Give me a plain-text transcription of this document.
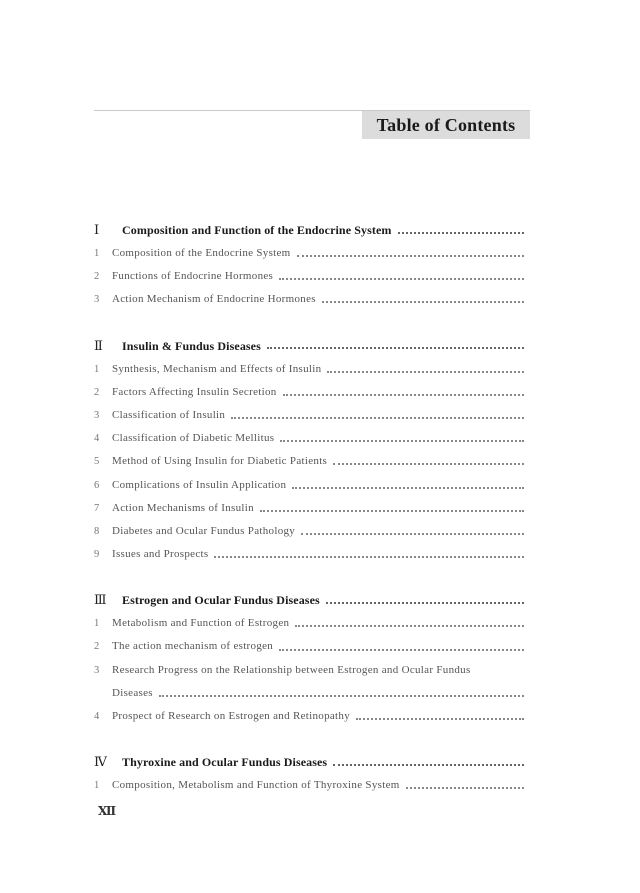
Table of Contents
Ⅰ	Composition and Function of the Endocrine System
1	Composition of the Endocrine System
2	Functions of Endocrine Hormones
3	Action Mechanism of Endocrine Hormones
Ⅱ	Insulin & Fundus Diseases
1	Synthesis, Mechanism and Effects of Insulin
2	Factors Affecting Insulin Secretion
3	Classification of Insulin
4	Classification of Diabetic Mellitus
5	Method of Using Insulin for Diabetic Patients
6	Complications of Insulin Application
7	Action Mechanisms of Insulin
8	Diabetes and Ocular Fundus Pathology
9	Issues and Prospects
Ⅲ	Estrogen and Ocular Fundus Diseases
1	Metabolism and Function of Estrogen
2	The action mechanism of estrogen
3	Research Progress on the Relationship between Estrogen and Ocular Fundus
Diseases
4	Prospect of Research on Estrogen and Retinopathy
Ⅳ	Thyroxine and Ocular Fundus Diseases
1	Composition, Metabolism and Function of Thyroxine System
Ⅻ
